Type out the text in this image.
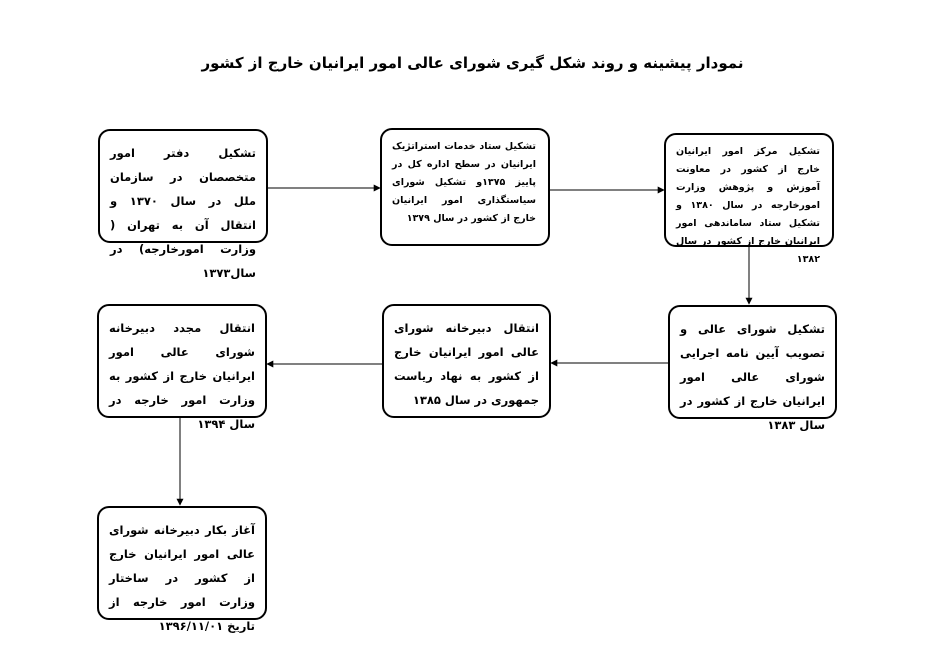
نمودار پیشینه و روند شکل گیری شورای عالی امور ایرانیان خارج از کشور
تشکیل دفتر امور متخصصان در سازمان ملل در سال ۱۳۷۰ و انتقال آن به تهران ( وزارت امورخارجه) در سال۱۳۷۳
تشکیل ستاد خدمات استراتژیک ایرانیان در سطح اداره کل در پاییز ۱۳۷۵و تشکیل شورای سیاستگذاری امور ایرانیان خارج از کشور در سال ۱۳۷۹
تشکیل مرکز امور ایرانیان خارج از کشور در معاونت آموزش و پژوهش وزارت امورخارجه در سال ۱۳۸۰ و تشکیل ستاد ساماندهی امور ایرانیان خارج از کشور در سال ۱۳۸۲
تشکیل شورای عالی و تصویب آیین نامه اجرایی شورای عالی امور ایرانیان خارج از کشور در سال ۱۳۸۳
انتقال دبیرخانه شورای عالی امور ایرانیان خارج از کشور به نهاد ریاست جمهوری در سال ۱۳۸۵
انتقال مجدد دبیرخانه شورای عالی امور ایرانیان خارج از کشور به وزارت امور خارجه در سال ۱۳۹۴
آغاز بکار دبیرخانه شورای عالی امور ایرانیان خارج از کشور در ساختار وزارت امور خارجه از تاریخ ۱۳۹۶/۱۱/۰۱
